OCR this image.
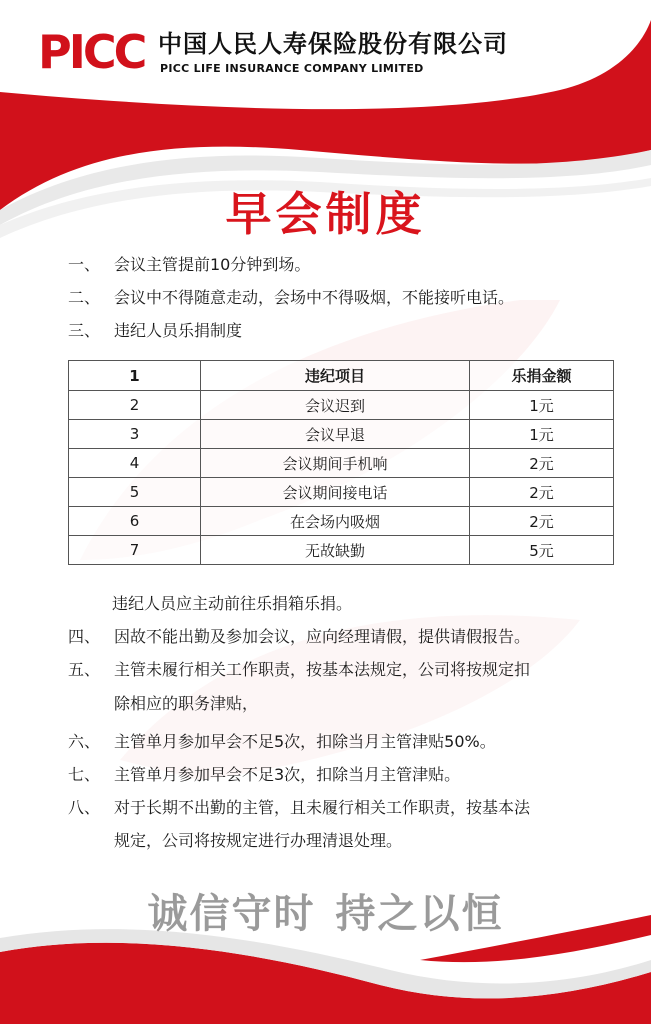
PICC 中国人民人寿保险股份有限公司
PICC LIFE INSURANCE COMPANY LIMITED
早会制度
一、 会议主管提前10分钟到场。
二、 会议中不得随意走动，会场中不得吸烟，不能接听电话。
三、 违纪人员乐捐制度
1	违纪项目	乐捐金额
2	会议迟到	1元
3	会议早退	1元
4	会议期间手机响	2元
5	会议期间接电话	2元
6	在会场内吸烟	2元
7	无故缺勤	5元
违纪人员应主动前往乐捐箱乐捐。
四、 因故不能出勤及参加会议，应向经理请假，提供请假报告。
五、 主管未履行相关工作职责，按基本法规定，公司将按规定扣
除相应的职务津贴，
六、 主管单月参加早会不足5次，扣除当月主管津贴50%。
七、 主管单月参加早会不足3次，扣除当月主管津贴。
八、 对于长期不出勤的主管，且未履行相关工作职责，按基本法
规定，公司将按规定进行办理清退处理。
诚信守时 持之以恒
